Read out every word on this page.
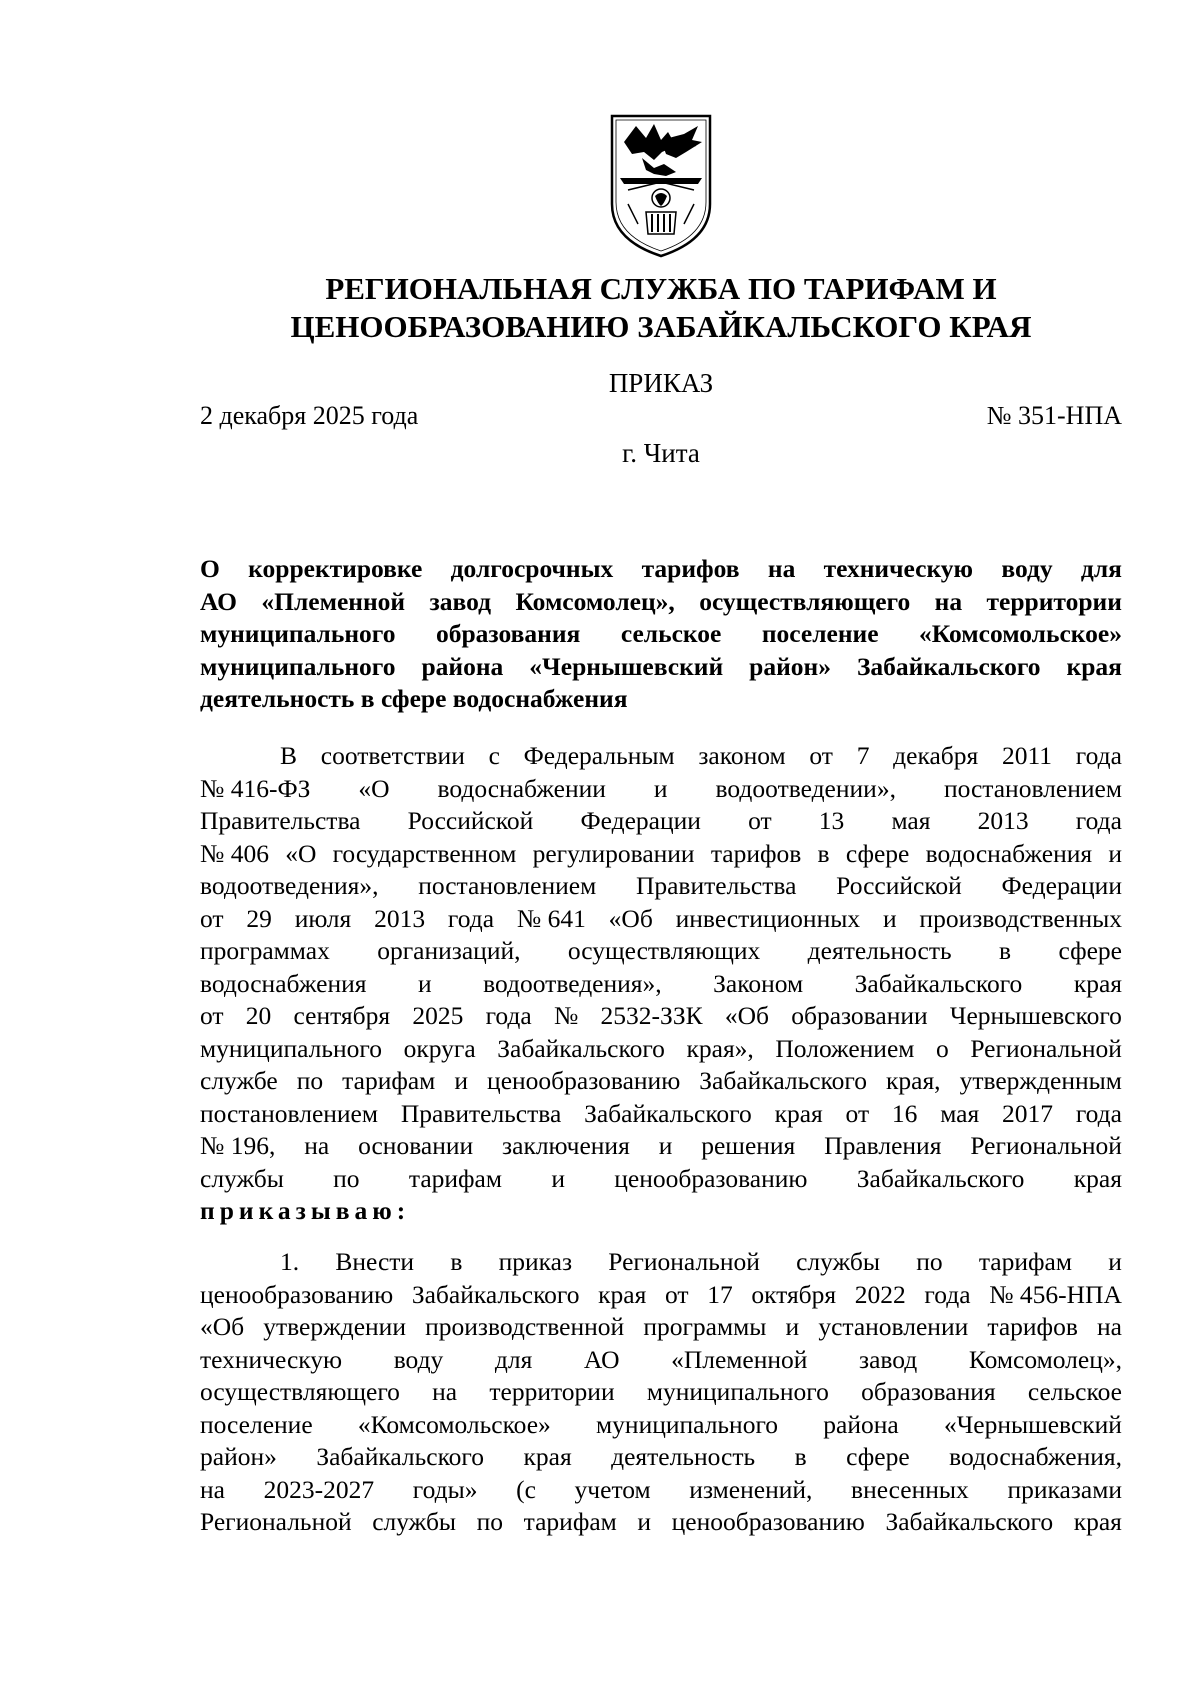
РЕГИОНАЛЬНАЯ СЛУЖБА ПО ТАРИФАМ И
ЦЕНООБРАЗОВАНИЮ ЗАБАЙКАЛЬСКОГО КРАЯ
ПРИКАЗ
2 декабря 2025 года	№ 351-НПА
г. Чита
О корректировке долгосрочных тарифов на техническую воду для
АО «Племенной завод Комсомолец», осуществляющего на территории
муниципального образования сельское поселение «Комсомольское»
муниципального района «Чернышевский район» Забайкальского края
деятельность в сфере водоснабжения
В соответствии с Федеральным законом от 7 декабря 2011 года
№ 416-ФЗ «О водоснабжении и водоотведении», постановлением
Правительства Российской Федерации от 13 мая 2013 года
№ 406 «О государственном регулировании тарифов в сфере водоснабжения и
водоотведения», постановлением Правительства Российской Федерации
от 29 июля 2013 года № 641 «Об инвестиционных и производственных
программах организаций, осуществляющих деятельность в сфере
водоснабжения и водоотведения», Законом Забайкальского края
от 20 сентября 2025 года № 2532-ЗЗК «Об образовании Чернышевского
муниципального округа Забайкальского края», Положением о Региональной
службе по тарифам и ценообразованию Забайкальского края, утвержденным
постановлением Правительства Забайкальского края от 16 мая 2017 года
№ 196, на основании заключения и решения Правления Региональной
службы по тарифам и ценообразованию Забайкальского края
приказываю:
1. Внести в приказ Региональной службы по тарифам и
ценообразованию Забайкальского края от 17 октября 2022 года № 456-НПА
«Об утверждении производственной программы и установлении тарифов на
техническую воду для АО «Племенной завод Комсомолец»,
осуществляющего на территории муниципального образования сельское
поселение «Комсомольское» муниципального района «Чернышевский
район» Забайкальского края деятельность в сфере водоснабжения,
на 2023-2027 годы» (с учетом изменений, внесенных приказами
Региональной службы по тарифам и ценообразованию Забайкальского края
